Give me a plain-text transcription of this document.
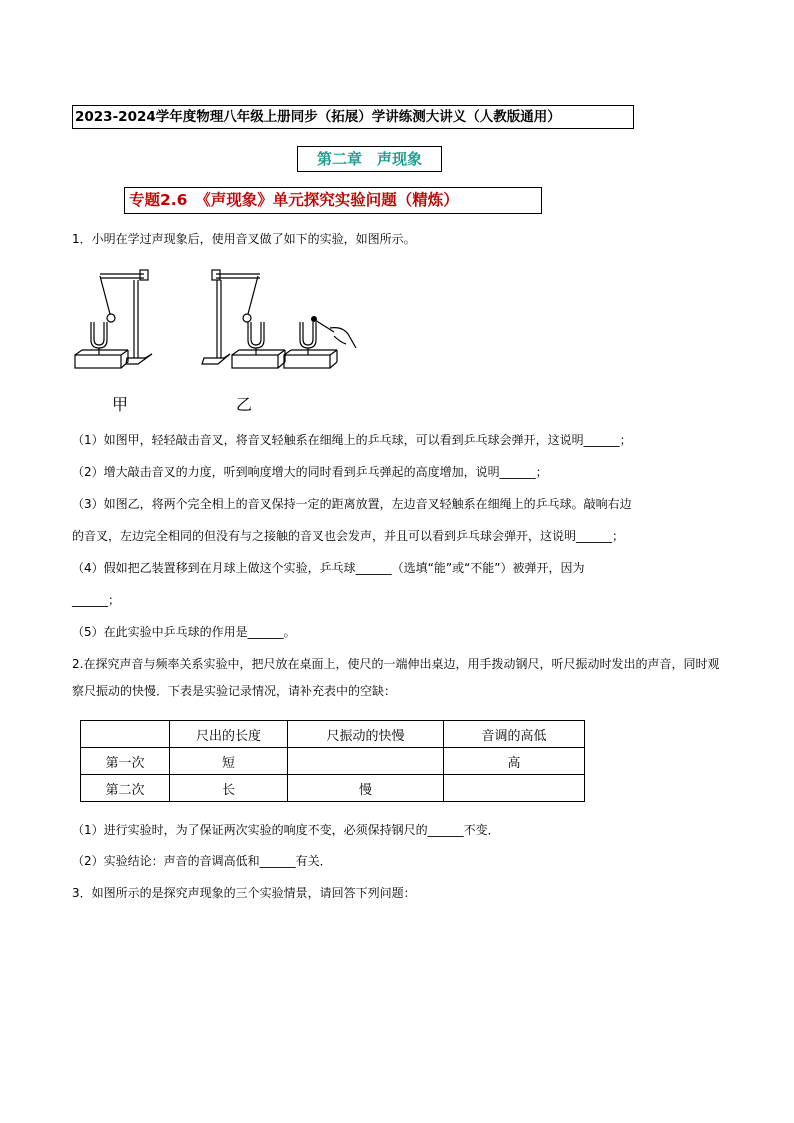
2023-2024学年度物理八年级上册同步（拓展）学讲练测大讲义（人教版通用）
第二章　声现象
专题2.6　《声现象》单元探究实验问题（精炼）
1．小明在学过声现象后，使用音叉做了如下的实验，如图所示。
甲	乙
（1）如图甲，轻轻敲击音叉，将音叉轻触系在细绳上的乒乓球，可以看到乒乓球会弹开，这说明______；
（2）增大敲击音叉的力度，听到响度增大的同时看到乒乓弹起的高度增加，说明______；
（3）如图乙，将两个完全相上的音叉保持一定的距离放置，左边音叉轻触系在细绳上的乒乓球。敲响右边
的音叉，左边完全相同的但没有与之接触的音叉也会发声，并且可以看到乒乓球会弹开，这说明______；
（4）假如把乙装置移到在月球上做这个实验，乒乓球______（选填“能”或“不能”）被弹开，因为
______；
（5）在此实验中乒乓球的作用是______。
2.在探究声音与频率关系实验中，把尺放在桌面上，使尺的一端伸出桌边，用手拨动钢尺，听尺振动时发出的声音，同时观察尺振动的快慢．下表是实验记录情况，请补充表中的空缺：
	尺出的长度	尺振动的快慢	音调的高低
第一次	短		高
第二次	长	慢	
（1）进行实验时，为了保证两次实验的响度不变，必须保持钢尺的______不变．
（2）实验结论：声音的音调高低和______有关．
3．如图所示的是探究声现象的三个实验情景，请回答下列问题：
